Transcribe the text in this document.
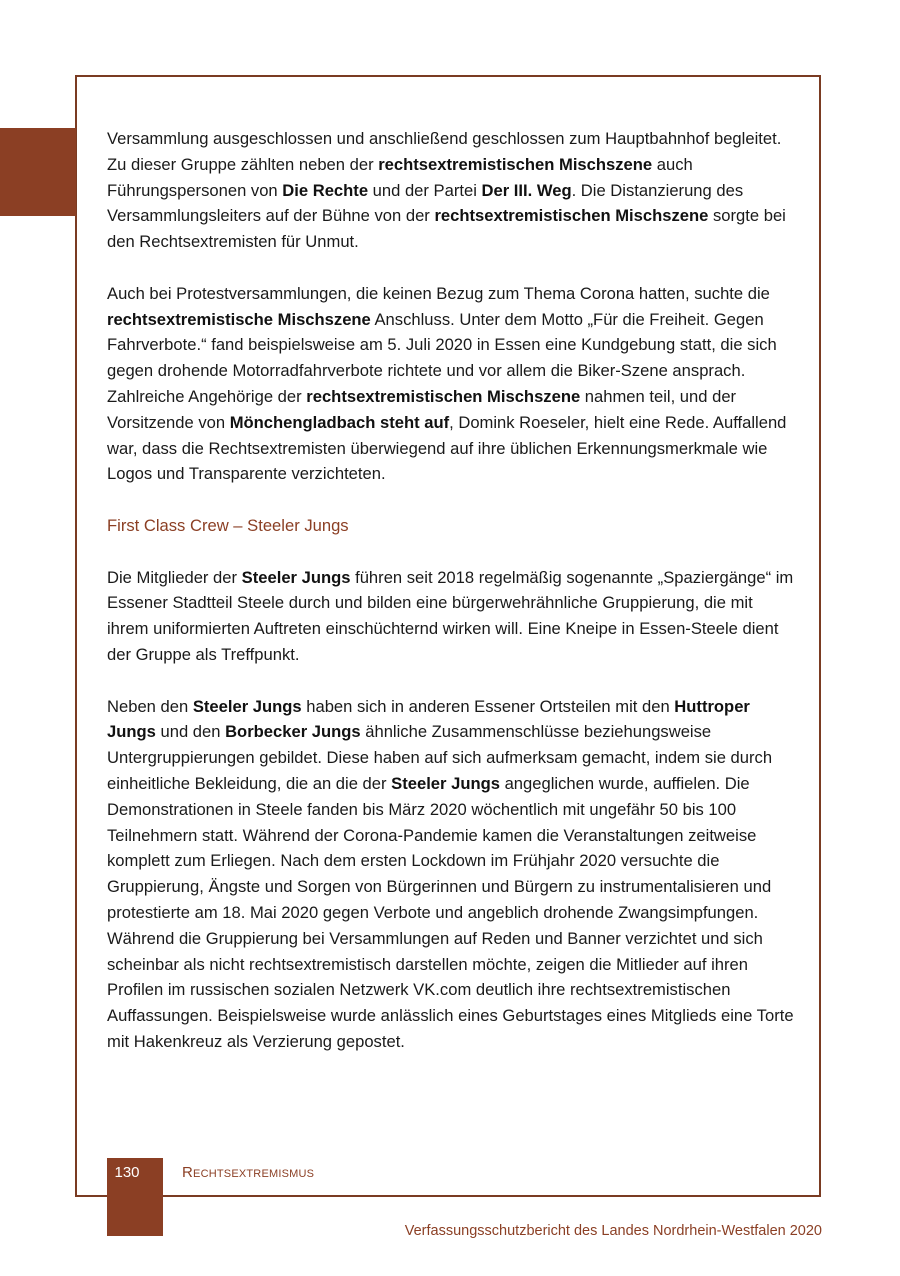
Versammlung ausgeschlossen und anschließend geschlossen zum Hauptbahnhof begleitet. Zu dieser Gruppe zählten neben der rechtsextremistischen Mischszene auch Führungspersonen von Die Rechte und der Partei Der III. Weg. Die Distanzierung des Versammlungsleiters auf der Bühne von der rechtsextremistischen Mischszene sorgte bei den Rechtsextremisten für Unmut.

Auch bei Protestversammlungen, die keinen Bezug zum Thema Corona hatten, suchte die rechtsextremistische Mischszene Anschluss. Unter dem Motto „Für die Freiheit. Gegen Fahrverbote.“ fand beispielsweise am 5. Juli 2020 in Essen eine Kundgebung statt, die sich gegen drohende Motorradfahrverbote richtete und vor allem die Biker-Szene ansprach. Zahlreiche Angehörige der rechtsextremistischen Mischszene nahmen teil, und der Vorsitzende von Mönchengladbach steht auf, Domink Roeseler, hielt eine Rede. Auffallend war, dass die Rechtsextremisten überwiegend auf ihre üblichen Erkennungsmerkmale wie Logos und Transparente verzichteten.

First Class Crew – Steeler Jungs

Die Mitglieder der Steeler Jungs führen seit 2018 regelmäßig sogenannte „Spaziergänge“ im Essener Stadtteil Steele durch und bilden eine bürgerwehrähnliche Gruppierung, die mit ihrem uniformierten Auftreten einschüchternd wirken will. Eine Kneipe in Essen-Steele dient der Gruppe als Treffpunkt.

Neben den Steeler Jungs haben sich in anderen Essener Ortsteilen mit den Huttroper Jungs und den Borbecker Jungs ähnliche Zusammenschlüsse beziehungsweise Untergruppierungen gebildet. Diese haben auf sich aufmerksam gemacht, indem sie durch einheitliche Bekleidung, die an die der Steeler Jungs angeglichen wurde, auffielen. Die Demonstrationen in Steele fanden bis März 2020 wöchentlich mit ungefähr 50 bis 100 Teilnehmern statt. Während der Corona-Pandemie kamen die Veranstaltungen zeitweise komplett zum Erliegen. Nach dem ersten Lockdown im Frühjahr 2020 versuchte die Gruppierung, Ängste und Sorgen von Bürgerinnen und Bürgern zu instrumentalisieren und protestierte am 18. Mai 2020 gegen Verbote und angeblich drohende Zwangsimpfungen. Während die Gruppierung bei Versammlungen auf Reden und Banner verzichtet und sich scheinbar als nicht rechtsextremistisch darstellen möchte, zeigen die Mitlieder auf ihren Profilen im russischen sozialen Netzwerk VK.com deutlich ihre rechtsextremistischen Auffassungen. Beispielsweise wurde anlässlich eines Geburtstages eines Mitglieds eine Torte mit Hakenkreuz als Verzierung gepostet.

130	Rechtsextremismus
Verfassungsschutzbericht des Landes Nordrhein-Westfalen 2020
